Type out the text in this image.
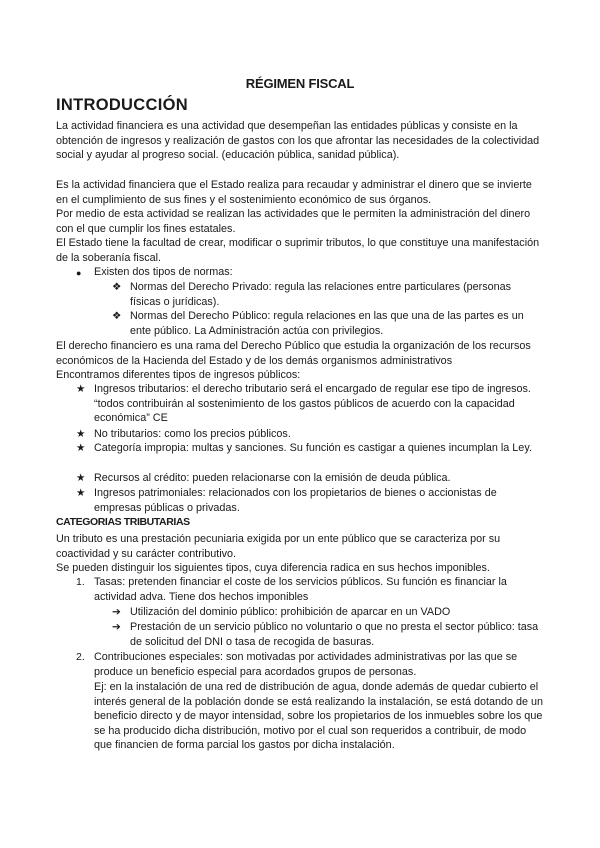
RÉGIMEN FISCAL
INTRODUCCIÓN

La actividad financiera es una actividad que desempeñan las entidades públicas y consiste en la obtención de ingresos y realización de gastos con los que afrontar las necesidades de la colectividad social y ayudar al progreso social. (educación pública, sanidad pública).

Es la actividad financiera que el Estado realiza para recaudar y administrar el dinero que se invierte en el cumplimiento de sus fines y el sostenimiento económico de sus órganos.

Por medio de esta actividad se realizan las actividades que le permiten la administración del dinero con el que cumplir los fines estatales.

El Estado tiene la facultad de crear, modificar o suprimir tributos, lo que constituye una manifestación de la soberanía fiscal.

● Existen dos tipos de normas:

❖ Normas del Derecho Privado: regula las relaciones entre particulares (personas físicas o jurídicas).

❖ Normas del Derecho Público: regula relaciones en las que una de las partes es un ente público. La Administración actúa con privilegios.

El derecho financiero es una rama del Derecho Público que estudia la organización de los recursos económicos de la Hacienda del Estado y de los demás organismos administrativos

Encontramos diferentes tipos de ingresos públicos:

★ Ingresos tributarios: el derecho tributario será el encargado de regular ese tipo de ingresos. “todos contribuirán al sostenimiento de los gastos públicos de acuerdo con la capacidad económica” CE

★ No tributarios: como los precios públicos.

★ Categoría impropia: multas y sanciones. Su función es castigar a quienes incumplan la Ley.

★ Recursos al crédito: pueden relacionarse con la emisión de deuda pública.

★ Ingresos patrimoniales: relacionados con los propietarios de bienes o accionistas de empresas públicas o privadas.

CATEGORIAS TRIBUTARIAS

Un tributo es una prestación pecuniaria exigida por un ente público que se caracteriza por su coactividad y su carácter contributivo.

Se pueden distinguir los siguientes tipos, cuya diferencia radica en sus hechos imponibles.

1. Tasas: pretenden financiar el coste de los servicios públicos. Su función es financiar la actividad adva. Tiene dos hechos imponibles

➔ Utilización del dominio público: prohibición de aparcar en un VADO

➔ Prestación de un servicio público no voluntario o que no presta el sector público: tasa de solicitud del DNI o tasa de recogida de basuras.

2. Contribuciones especiales: son motivadas por actividades administrativas por las que se produce un beneficio especial para acordados grupos de personas.

Ej: en la instalación de una red de distribución de agua, donde además de quedar cubierto el interés general de la población donde se está realizando la instalación, se está dotando de un beneficio directo y de mayor intensidad, sobre los propietarios de los inmuebles sobre los que se ha producido dicha distribución, motivo por el cual son requeridos a contribuir, de modo que financien de forma parcial los gastos por dicha instalación.
